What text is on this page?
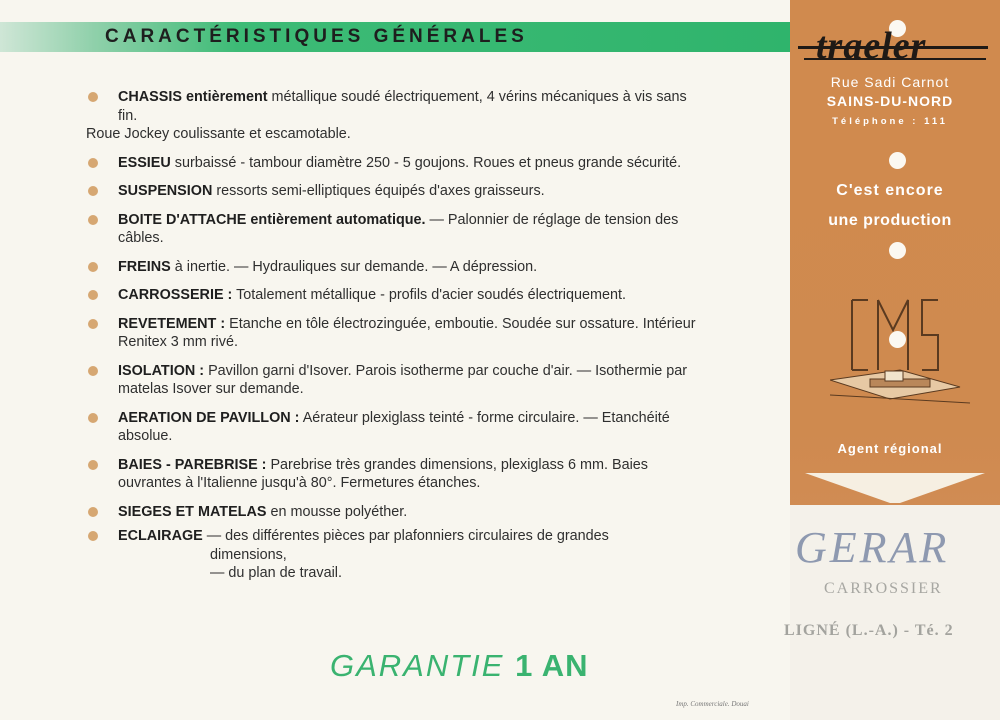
CARACTÉRISTIQUES GÉNÉRALES
CHASSIS entièrement métallique soudé électriquement, 4 vérins mécaniques à vis sans fin.
Roue Jockey coulissante et escamotable.
ESSIEU surbaissé - tambour diamètre 250 - 5 goujons. Roues et pneus grande sécurité.
SUSPENSION ressorts semi-elliptiques équipés d'axes graisseurs.
BOITE D'ATTACHE entièrement automatique. — Palonnier de réglage de tension des câbles.
FREINS à inertie. — Hydrauliques sur demande. — A dépression.
CARROSSERIE : Totalement métallique - profils d'acier soudés électriquement.
REVETEMENT : Etanche en tôle électrozinguée, emboutie. Soudée sur ossature. Intérieur Renitex 3 mm rivé.
ISOLATION : Pavillon garni d'Isover. Parois isotherme par couche d'air. — Isothermie par matelas Isover sur demande.
AERATION DE PAVILLON : Aérateur plexiglass teinté - forme circulaire. — Etanchéité absolue.
BAIES - PAREBRISE : Parebrise très grandes dimensions, plexiglass 6 mm. Baies ouvrantes à l'Italienne jusqu'à 80°. Fermetures étanches.
SIEGES ET MATELAS en mousse polyéther.
ECLAIRAGE — des différentes pièces par plafonniers circulaires de grandes
dimensions,
— du plan de travail.
GARANTIE 1 AN
Imp. Commerciale. Douai
traeler
Rue Sadi Carnot
SAINS-DU-NORD
Téléphone : 111
C'est encore
une production
Agent régional
GERAR
CARROSSIER
LIGNÉ (L.-A.) - Té. 2
